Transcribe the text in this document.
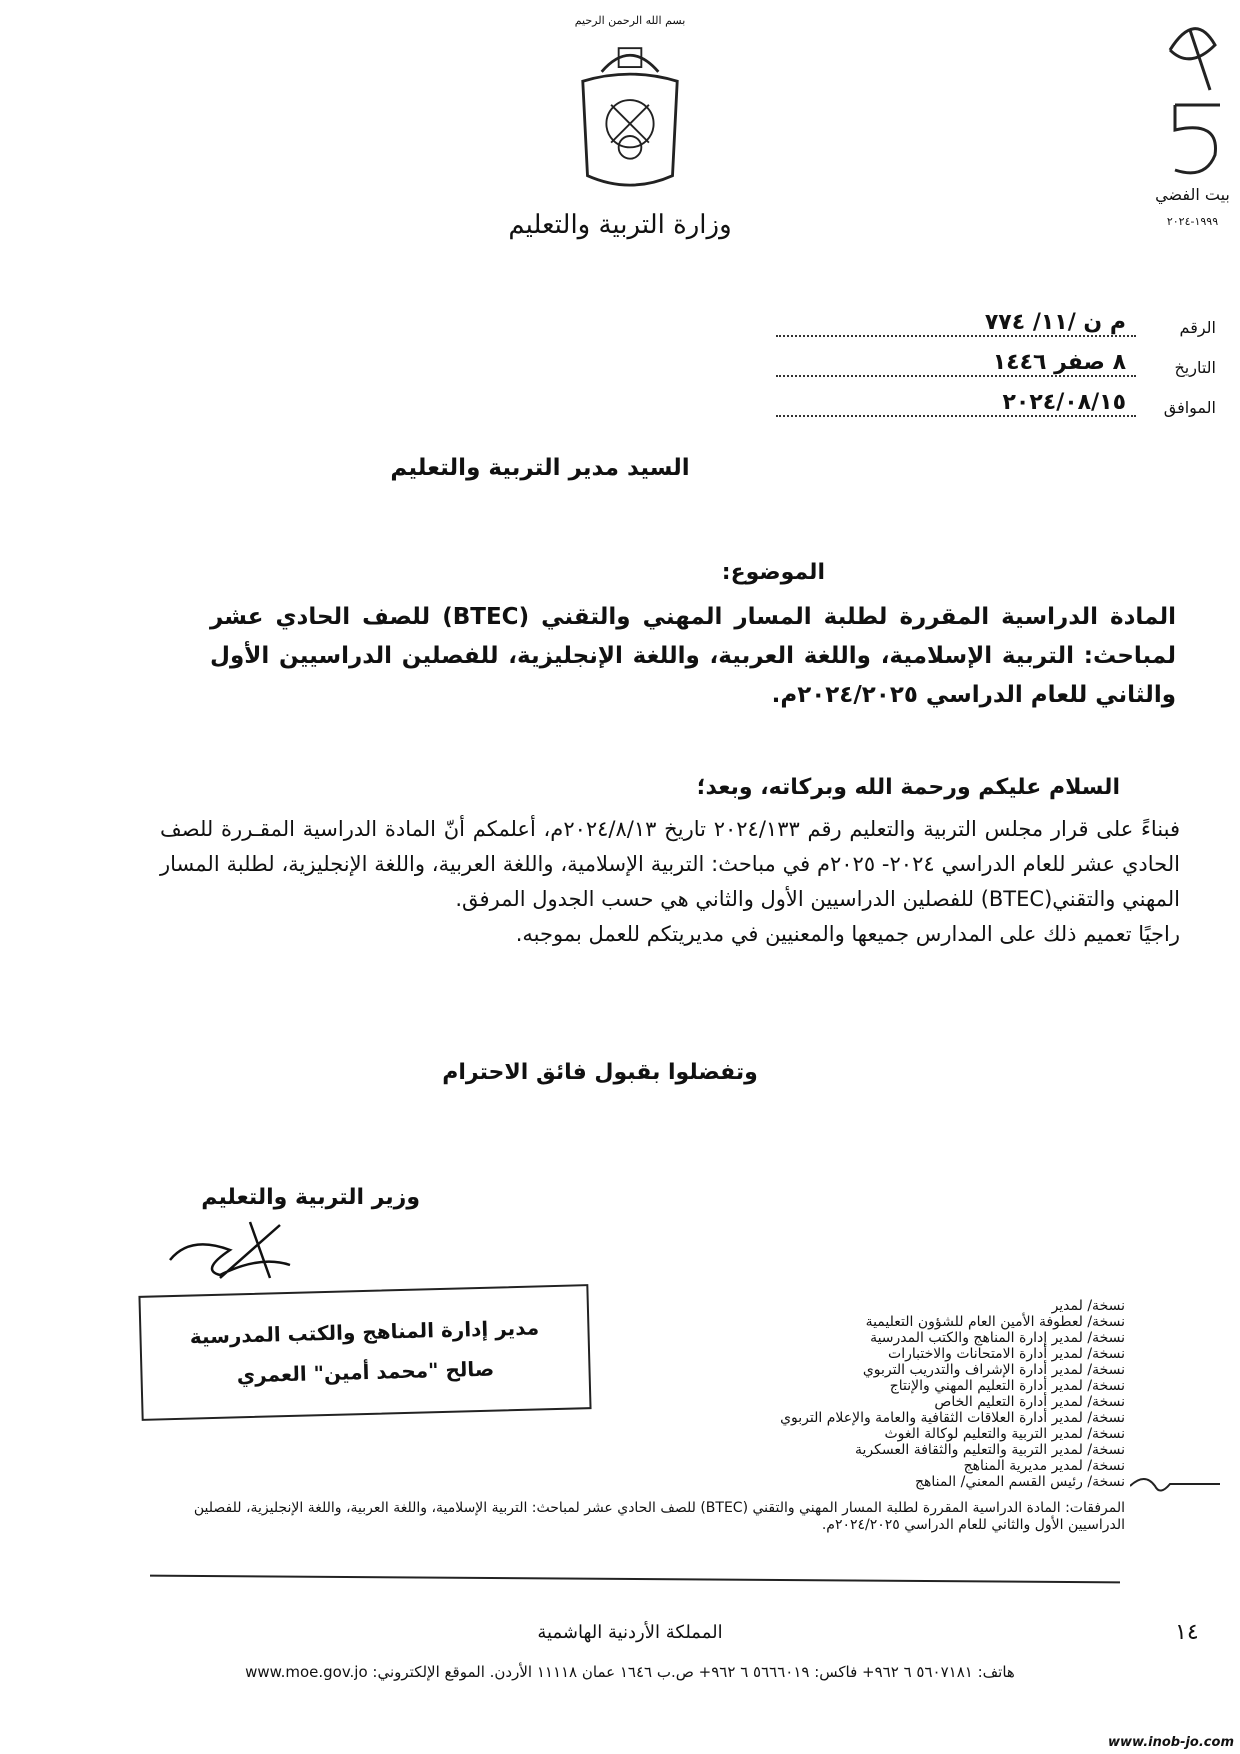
بسم الله الرحمن الرحيم
وزارة التربية والتعليم
بيت الفضي
١٩٩٩-٢٠٢٤
الرقم
م ن /١١/ ٧٧٤
التاريخ
٨ صفر ١٤٤٦
الموافق
٢٠٢٤/٠٨/١٥
السيد مدير التربية والتعليم
الموضوع:
المادة الدراسية المقررة لطلبة المسار المهني والتقني (BTEC) للصف الحادي عشر لمباحث: التربية الإسلامية، واللغة العربية، واللغة الإنجليزية، للفصلين الدراسيين الأول والثاني للعام الدراسي ٢٠٢٤/٢٠٢٥م.
السلام عليكم ورحمة الله وبركاته، وبعد؛
فبناءً على قرار مجلس التربية والتعليم رقم ٢٠٢٤/١٣٣ تاريخ ٢٠٢٤/٨/١٣م، أعلمكم أنّ المادة الدراسية المقـررة للصف الحادي عشر للعام الدراسي ٢٠٢٤- ٢٠٢٥م في مباحث: التربية الإسلامية، واللغة العربية، واللغة الإنجليزية، لطلبة المسار المهني والتقني(BTEC) للفصلين الدراسيين الأول والثاني هي حسب الجدول المرفق.
راجيًا تعميم ذلك على المدارس جميعها والمعنيين في مديريتكم للعمل بموجبه.
وتفضلوا بقبول فائق الاحترام
وزير التربية والتعليم
مدير إدارة المناهج والكتب المدرسية
صالح "محمد أمين" العمري
نسخة/ لمدير
نسخة/ لعطوفة الأمين العام للشؤون التعليمية
نسخة/ لمدير إدارة المناهج والكتب المدرسية
نسخة/ لمدير أدارة الامتحانات والاختبارات
نسخة/ لمدير أدارة الإشراف والتدريب التربوي
نسخة/ لمدير أدارة التعليم المهني والإنتاج
نسخة/ لمدير أدارة التعليم الخاص
نسخة/ لمدير أدارة العلاقات الثقافية والعامة والإعلام التربوي
نسخة/ لمدير التربية والتعليم لوكالة الغوث
نسخة/ لمدير التربية والتعليم والثقافة العسكرية
نسخة/ لمدير مديرية المناهج
نسخة/ رئيس القسم المعني/ المناهج
المرفقات: المادة الدراسية المقررة لطلبة المسار المهني والتقني (BTEC) للصف الحادي عشر لمباحث: التربية الإسلامية، واللغة العربية، واللغة الإنجليزية، للفصلين الدراسيين الأول والثاني للعام الدراسي ٢٠٢٤/٢٠٢٥م.
المملكة الأردنية الهاشمية	١٤
هاتف: ٥٦٠٧١٨١ ٦ ٩٦٢+ فاكس: ٥٦٦٦٠١٩ ٦ ٩٦٢+ ص.ب ١٦٤٦ عمان ١١١١٨ الأردن. الموقع الإلكتروني: www.moe.gov.jo
www.inob-jo.com
